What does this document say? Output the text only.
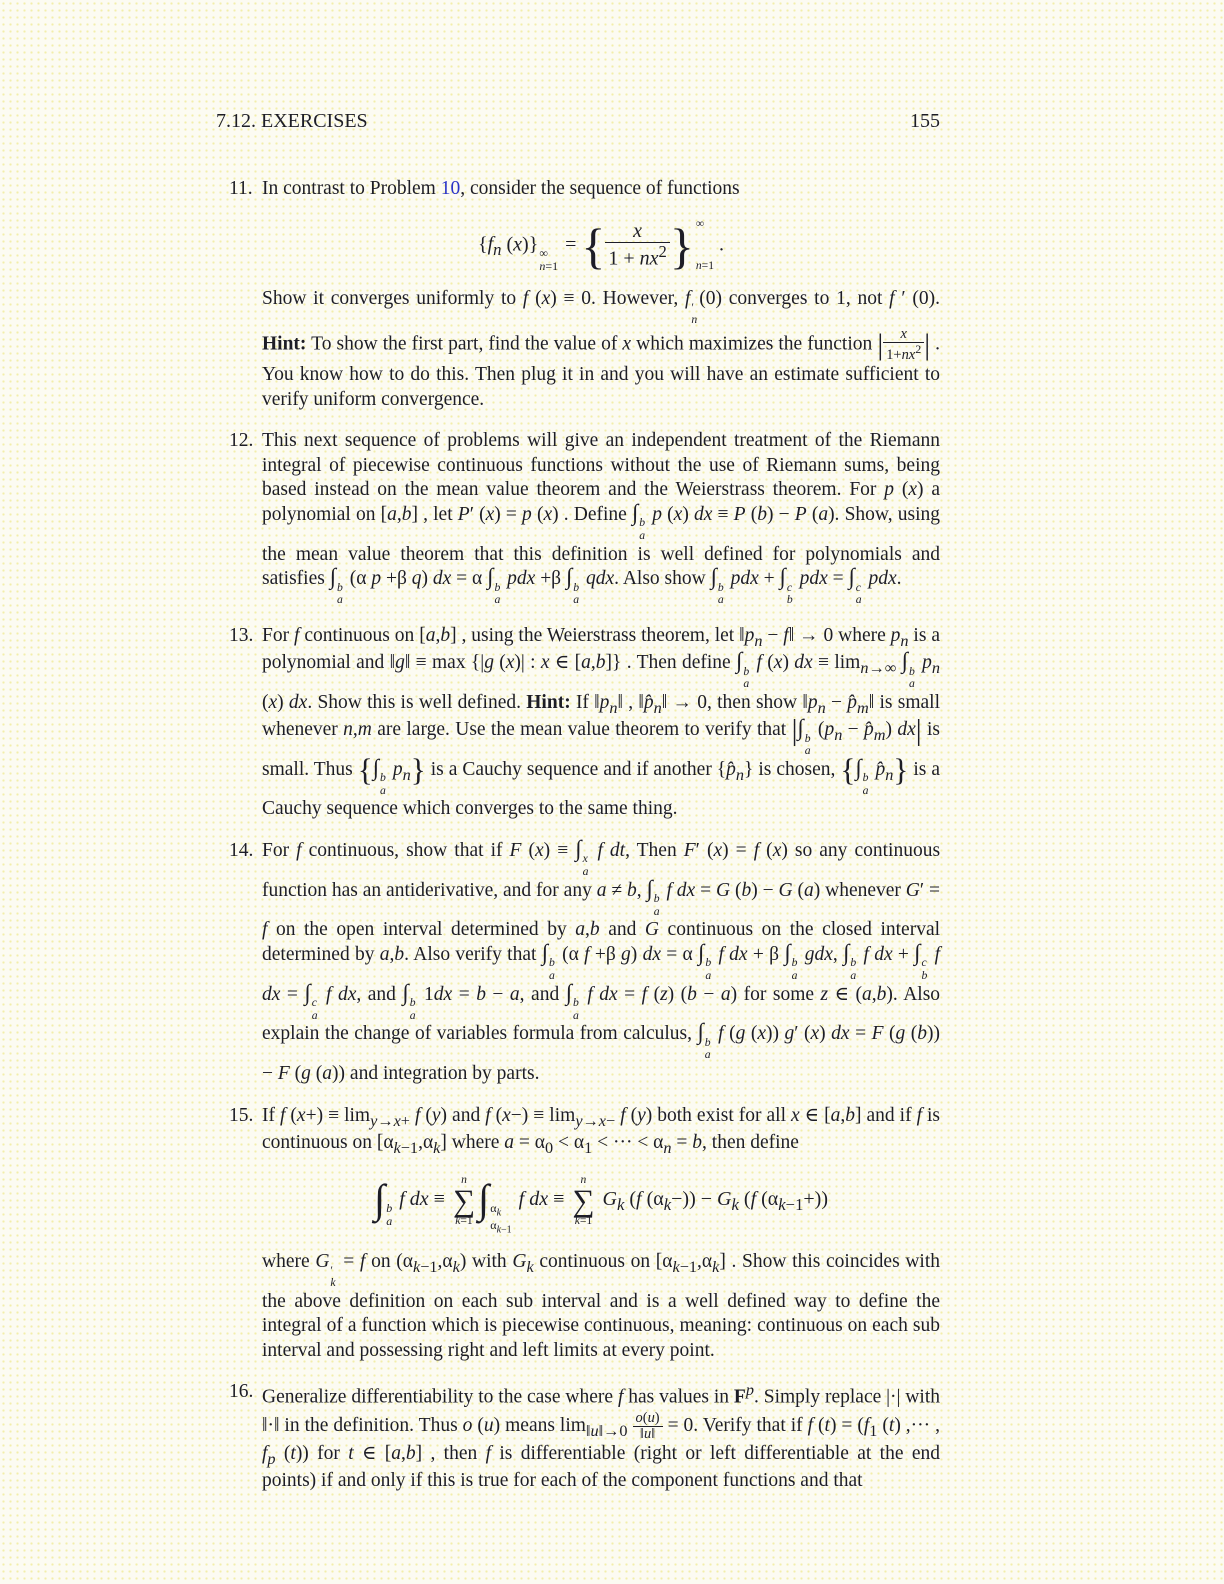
7.12. EXERCISES	155
11. In contrast to Problem 10, consider the sequence of functions
{$f_n$ (x)} ∞
n=1
= { $\frac{x}{1 + nx^2}$ } ∞
n=1
.
Show it converges uniformly to f (x) ≡ 0. However, f ′
n
(0) converges to 1, not f ′ (0). Hint: To show the first part, find the value of x which maximizes the function | $\frac{x}{1+nx^2}$ | . You know how to do this. Then plug it in and you will have an estimate sufficient to verify uniform convergence.
12. This next sequence of problems will give an independent treatment of the Riemann integral of piecewise continuous functions without the use of Riemann sums, being based instead on the mean value theorem and the Weierstrass theorem. For p (x) a polynomial on [a,b] , let P′ (x) = p (x) . Define ∫ b
a
p (x) dx ≡ P (b) − P (a). Show, using the mean value theorem that this definition is well defined for polynomials and satisfies ∫ b
a
(α p +β q) dx = α ∫ b
a
pdx +β ∫ b
a
qdx. Also show ∫ b
a
pdx + ∫ c
b
pdx = ∫ c
a
pdx.
13. For f continuous on [a,b] , using the Weierstrass theorem, let $‖p_n$ − f‖ → 0 where $p_n$ is a polynomial and ‖g‖ ≡ max {|g (x)| : x ∈ [a,b]} . Then define ∫ b
a
f (x) dx ≡ $\lim_{n\to\infty}$ ∫ b
a
$p_n$ (x) dx. Show this is well defined. Hint: If $‖p_n‖$ , $‖p̂_n‖ \to 0$, then show $‖p_n$ − $p̂_m‖$ is small whenever n,m are large. Use the mean value theorem to verify that |∫ b
a
($p_n$ − $p̂_m$) dx| is small. Thus {∫ b
a
$p_n$} is a Cauchy sequence and if another $\{p̂_n\}$ is chosen, {∫ b
a
$p̂_n$} is a Cauchy sequence which converges to the same thing.
14. For f continuous, show that if F (x) ≡ ∫ x
a
f dt, Then F′ (x) = f (x) so any continuous function has an antiderivative, and for any a ≠ b, ∫ b
a
f dx = G (b) − G (a) whenever G′ = f on the open interval determined by a,b and G continuous on the closed interval determined by a,b. Also verify that ∫ b
a
(α f +β g) dx = α ∫ b
a
f dx + β ∫ b
a
gdx, ∫ b
a
f dx + ∫ c
b
f dx = ∫ c
a
f dx, and ∫ b
a
1dx = b − a, and ∫ b
a
f dx = f (z) (b − a) for some z ∈ (a,b). Also explain the change of variables formula from calculus, ∫ b
a
f (g (x)) g′ (x) dx = F (g (b)) − F (g (a)) and integration by parts.
15. If f $(x+) \equiv \lim_{y\to x+} f$ (y) and f $(x-) \equiv \lim_{y\to x-} f$ (y) both exist for all x ∈ [a,b] and if f is continuous on $[\alpha_{k-1},\alpha_k]$ where $a = \alpha_0 < \alpha_1$ < ··· < $\alpha_n = b$, then define
∫ b
a
f dx ≡
n
∑
k=1 ∫ $\alpha_k$
$\alpha_{k-1}$
f dx ≡
n
∑
k=1
$G_k$ (f $(\alpha_k-)) - G_k$ (f $(\alpha_{k-1}+)$)
where G ′
k
= f on $(\alpha_{k-1},\alpha_k)$ with $G_k$ continuous on $[\alpha_{k-1},\alpha_k]$ . Show this coincides with the above definition on each sub interval and is a well defined way to define the integral of a function which is piecewise continuous, meaning: continuous on each sub interval and possessing right and left limits at every point.
16. Generalize differentiability to the case where f has values in $F^p$. Simply replace |·| with ‖·‖ in the definition. Thus o (u) means $\lim_{‖u‖\to 0} \frac{o(u)}{‖u‖} = 0$. Verify that if f $(t) = (f_1$ (t) ,··· , $f_p$ (t)) for t ∈ [a,b] , then f is differentiable (right or left differentiable at the end points) if and only if this is true for each of the component functions and that
